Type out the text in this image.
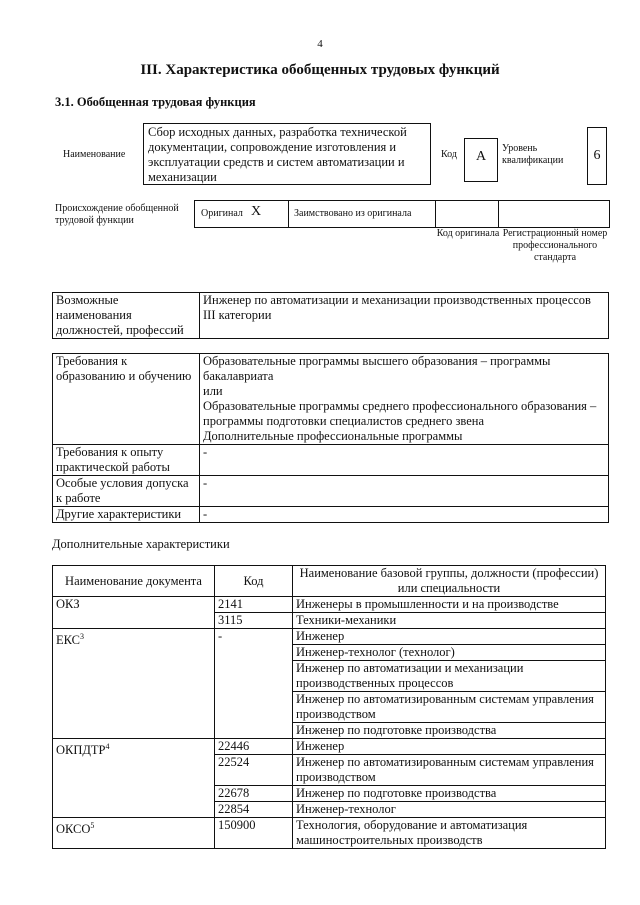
4
III. Характеристика обобщенных трудовых функций
3.1. Обобщенная трудовая функция
Наименование
Сбор исходных данных, разработка технической документации, сопровождение изготовления и эксплуатации средств и систем автоматизации и механизации
Код	А
Уровень квалификации	6
Происхождение обобщенной трудовой функции
Оригинал X	Заимствовано из оригинала
Код оригинала Регистрационный номер профессионального стандарта
Возможные наименования должностей, профессий	Инженер по автоматизации и механизации производственных процессов III категории
Требования к образованию и обучению	Образовательные программы высшего образования – программы бакалавриата
или
Образовательные программы среднего профессионального образования – программы подготовки специалистов среднего звена
Дополнительные профессиональные программы

Требования к опыту практической работы	-
Особые условия допуска к работе	-
Другие характеристики	-
Дополнительные характеристики
Наименование документа	Код	Наименование базовой группы, должности (профессии) или специальности
ОКЗ	2141	Инженеры в промышленности и на производстве
	3115	Техники-механики
ЕКС$^3$	-	Инженер
		Инженер-технолог (технолог)
		Инженер по автоматизации и механизации производственных процессов
		Инженер по автоматизированным системам управления производством
		Инженер по подготовке производства
ОКПДТР$^4$	22446	Инженер
	22524	Инженер по автоматизированным системам управления производством
	22678	Инженер по подготовке производства
	22854	Инженер-технолог
ОКСО$^5$	150900	Технология, оборудование и автоматизация машиностроительных производств
